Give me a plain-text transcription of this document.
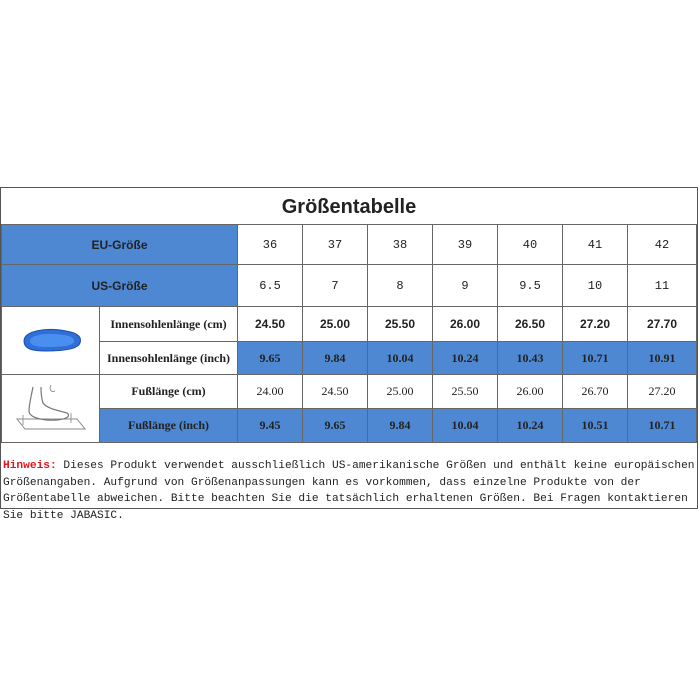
Größentabelle
EU-Größe		36	37	38	39	40	41	42
US-Größe		6.5	7	8	9	9.5	10	11
	Innensohlenlänge (cm)	24.50	25.00	25.50	26.00	26.50	27.20	27.70
	Innensohlenlänge (inch)	9.65	9.84	10.04	10.24	10.43	10.71	10.91
	Fußlänge (cm)	24.00	24.50	25.00	25.50	26.00	26.70	27.20
	Fußlänge (inch)	9.45	9.65	9.84	10.04	10.24	10.51	10.71
Hinweis: Dieses Produkt verwendet ausschließlich US-amerikanische Größen und enthält keine europäischen Größenangaben. Aufgrund von Größenanpassungen kann es vorkommen, dass einzelne Produkte von der Größentabelle abweichen. Bitte beachten Sie die tatsächlich erhaltenen Größen. Bei Fragen kontaktieren Sie bitte JABASIC.
